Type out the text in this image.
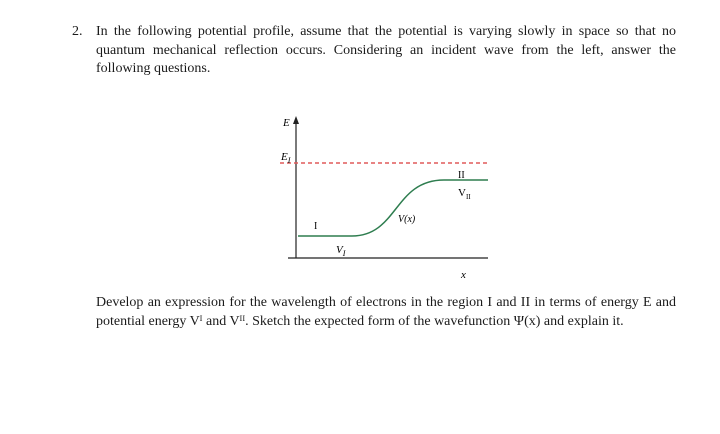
2. In the following potential profile, assume that the potential is varying slowly in space so that no quantum mechanical reflection occurs. Considering an incident wave from the left, answer the following questions.
E
$E_I$
I
II
$V_I$
$V_{II}$
V(x)
x
Develop an expression for the wavelength of electrons in the region I and II in terms of energy E and potential energy Vᴵ and Vᴵᴵ. Sketch the expected form of the wavefunction Ψ(x) and explain it.
